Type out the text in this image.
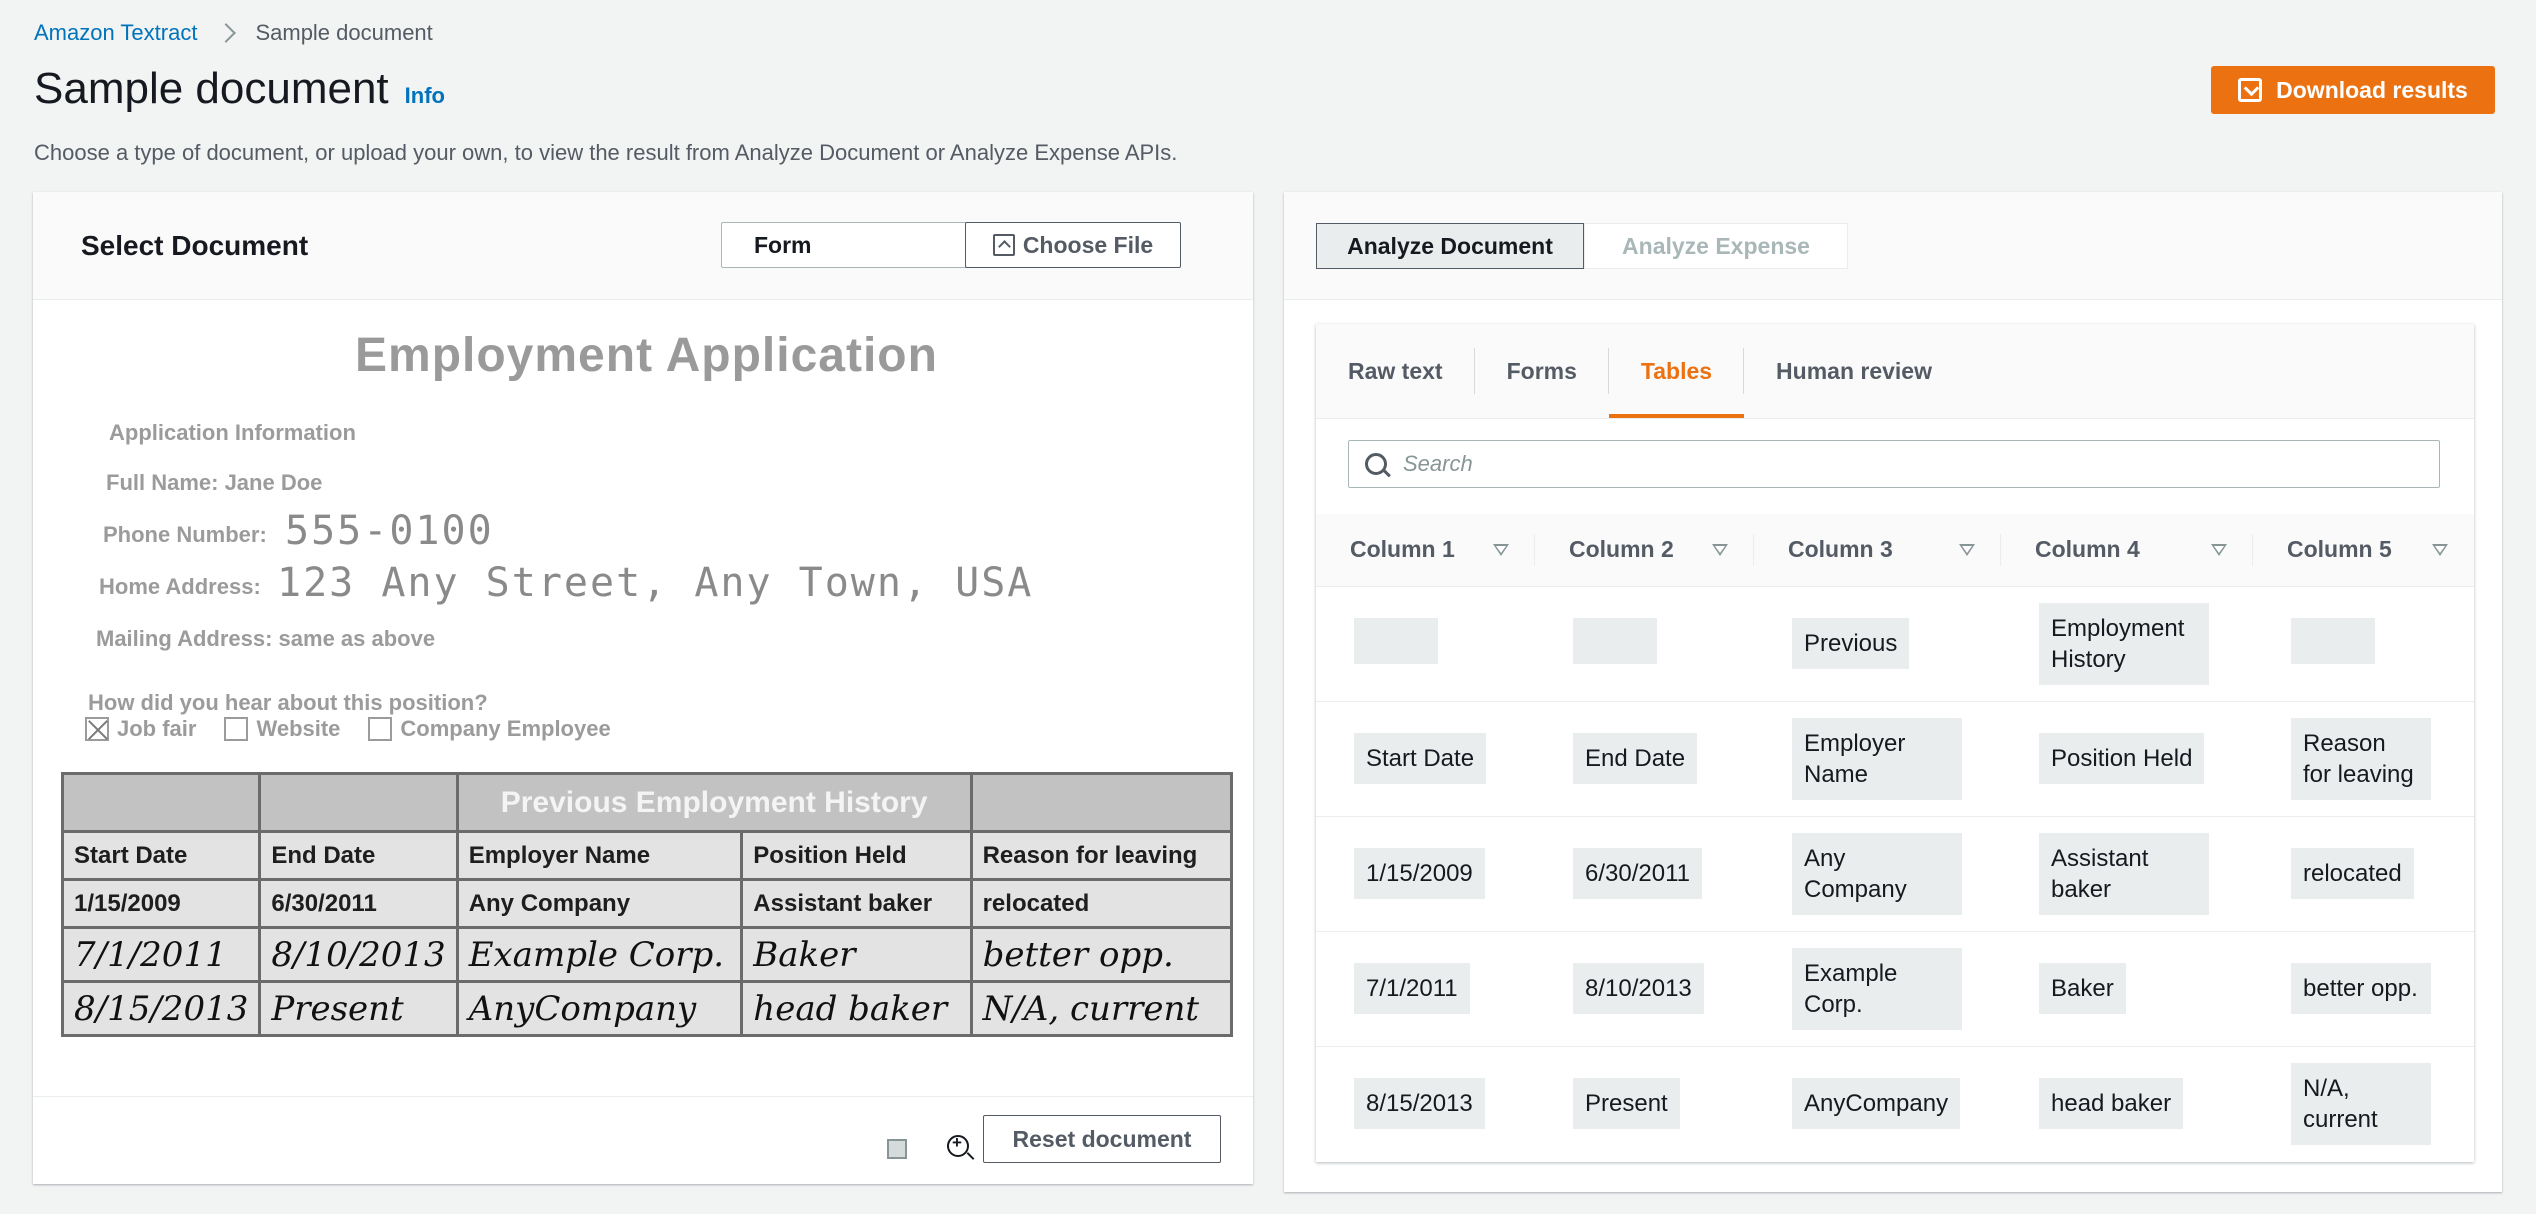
Amazon Textract	Sample document
Sample document Info
Choose a type of document, or upload your own, to view the result from Analyze Document or Analyze Expense APIs.
Download results
Select Document	Form	Choose File
Employment Application
Application Information
Full Name: Jane Doe
Phone Number: 555-0100
Home Address: 123 Any Street, Any Town, USA
Mailing Address: same as above
How did you hear about this position?
Job fair	Website	Company Employee
		Previous Employment History		
Start Date	End Date	Employer Name	Position Held	Reason for leaving
1/15/2009	6/30/2011	Any Company	Assistant baker	relocated
7/1/2011	8/10/2013	Example Corp.	Baker	better opp.
8/15/2013	Present	AnyCompany	head baker	N/A, current
+
Reset document
Analyze Document	Analyze Expense
Raw text	Forms	Tables	Human review
Search
Column 1	Column 2	Column 3	Column 4	Column 5

		Previous	Employment History	
Start Date	End Date	Employer Name	Position Held	Reason for leaving
1/15/2009	6/30/2011	Any Company	Assistant baker	relocated
7/1/2011	8/10/2013	Example Corp.	Baker	better opp.
8/15/2013	Present	AnyCompany	head baker	N/A, current
